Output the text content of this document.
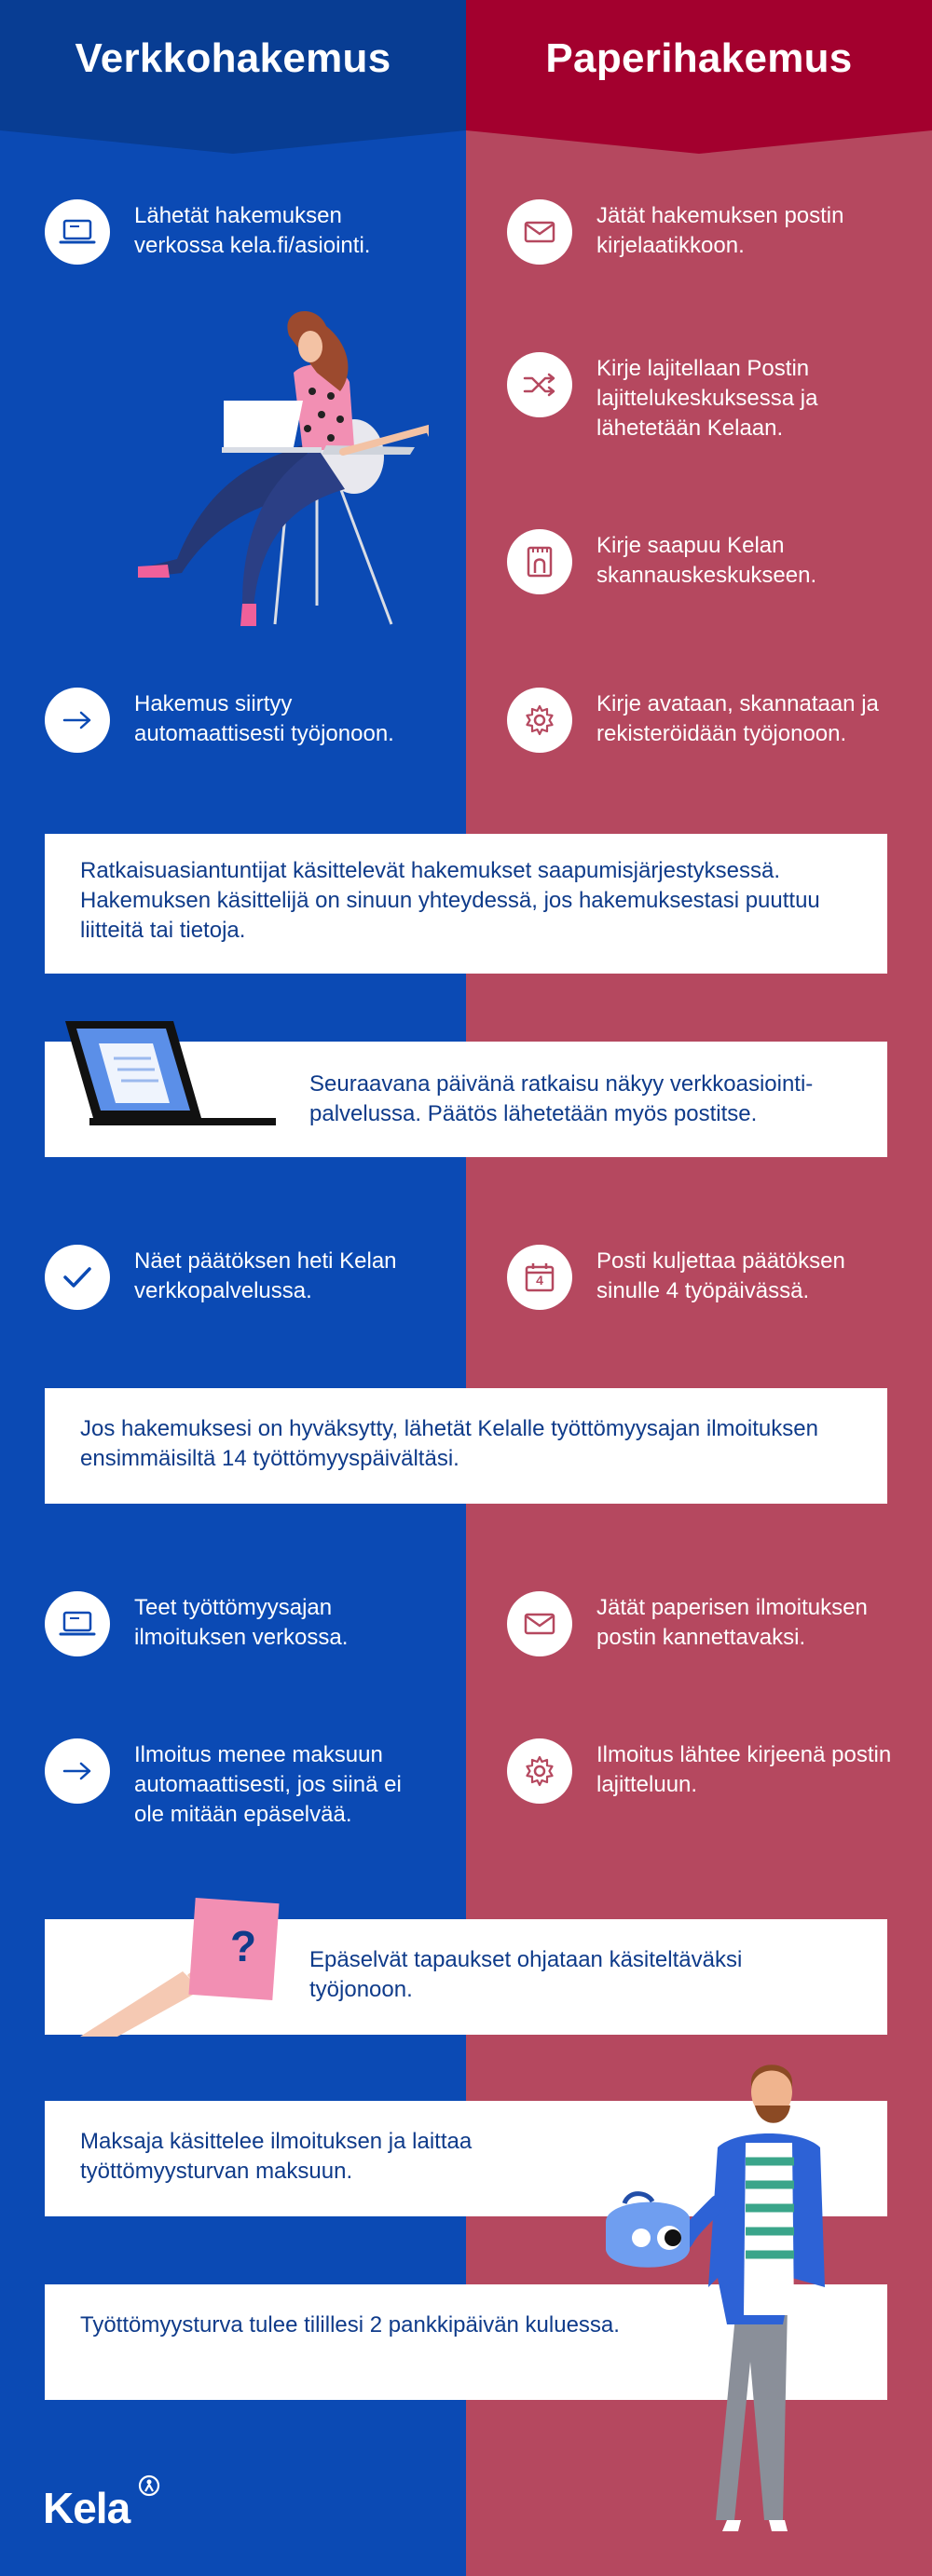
Verkkohakemus	Paperihakemus
Lähetät hakemuksen verkossa kela.fi/asiointi.
Hakemus siirtyy automaattisesti työjonoon.
Näet päätöksen heti Kelan verkkopalvelussa.
Teet työttömyysajan ilmoituksen verkossa.
Ilmoitus menee maksuun automaattisesti, jos siinä ei ole mitään epäselvää.
Jätät hakemuksen postin kirjelaatikkoon.
Kirje lajitellaan Postin lajittelukeskuksessa ja lähetetään Kelaan.
Kirje saapuu Kelan skannauskeskukseen.
Kirje avataan, skannataan ja rekisteröidään työjonoon.
4
Posti kuljettaa päätöksen sinulle 4 työpäivässä.
Jätät paperisen ilmoituksen postin kannettavaksi.
Ilmoitus lähtee kirjeenä postin lajitteluun.
Ratkaisuasiantuntijat käsittelevät hakemukset saapumisjärjestyksessä. Hakemuksen käsittelijä on sinuun yhteydessä, jos hakemuksestasi puuttuu liitteitä tai tietoja.
Seuraavana päivänä ratkaisu näkyy verkkoasiointi-palvelussa. Päätös lähetetään myös postitse.
Jos hakemuksesi on hyväksytty, lähetät Kelalle työttömyysajan ilmoituksen ensimmäisiltä 14 työttömyyspäivältäsi.
Epäselvät tapaukset ohjataan käsiteltäväksi työjonoon.
?
Maksaja käsittelee ilmoituksen ja laittaa työttömyysturvan maksuun.
Työttömyysturva tulee tilillesi 2 pankkipäivän kuluessa.
Kela
